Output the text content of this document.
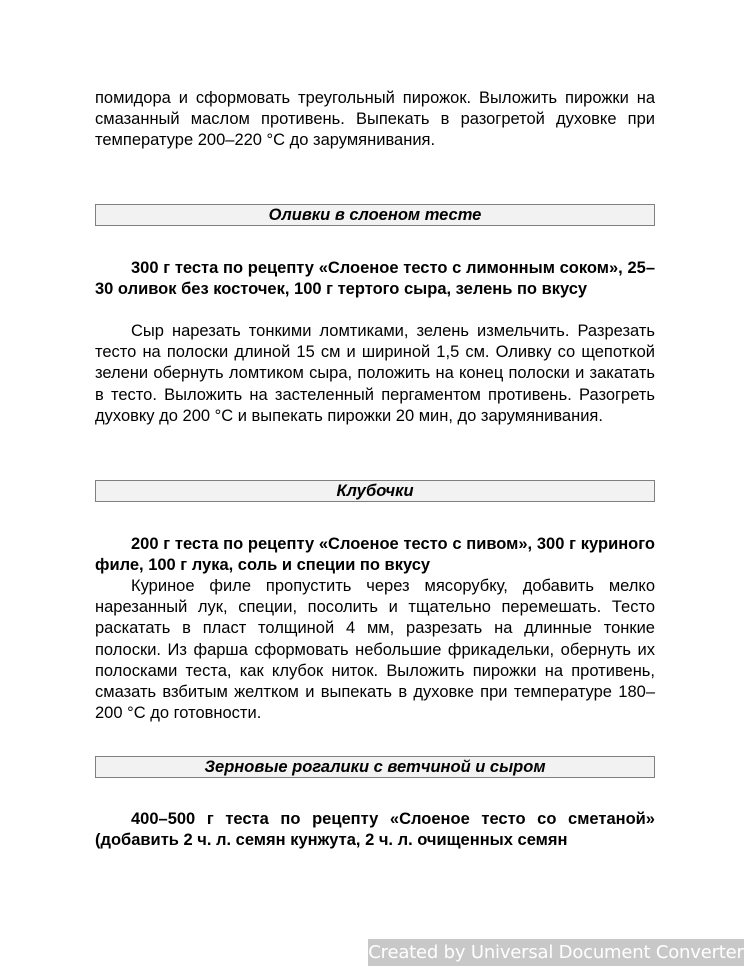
помидора и сформовать треугольный пирожок. Выложить пирожки на смазанный маслом противень. Выпекать в разогретой духовке при температуре 200–220 °С до зарумянивания.

Оливки в слоеном тесте

300 г теста по рецепту «Слоеное тесто с лимонным соком», 25–30 оливок без косточек, 100 г тертого сыра, зелень по вкусу

Сыр нарезать тонкими ломтиками, зелень измельчить. Разрезать тесто на полоски длиной 15 см и шириной 1,5 см. Оливку со щепоткой зелени обернуть ломтиком сыра, положить на конец полоски и закатать в тесто. Выложить на застеленный пергаментом противень. Разогреть духовку до 200 °С и выпекать пирожки 20 мин, до зарумянивания.

Клубочки

200 г теста по рецепту «Слоеное тесто с пивом», 300 г куриного филе, 100 г лука, соль и специи по вкусу

Куриное филе пропустить через мясорубку, добавить мелко нарезанный лук, специи, посолить и тщательно перемешать. Тесто раскатать в пласт толщиной 4 мм, разрезать на длинные тонкие полоски. Из фарша сформовать небольшие фрикадельки, обернуть их полосками теста, как клубок ниток. Выложить пирожки на противень, смазать взбитым желтком и выпекать в духовке при температуре 180–200 °С до готовности.

Зерновые рогалики с ветчиной и сыром

400–500 г теста по рецепту «Слоеное тесто со сметаной» (добавить 2 ч. л. семян кунжута, 2 ч. л. очищенных семян

Created by Universal Document Converter
